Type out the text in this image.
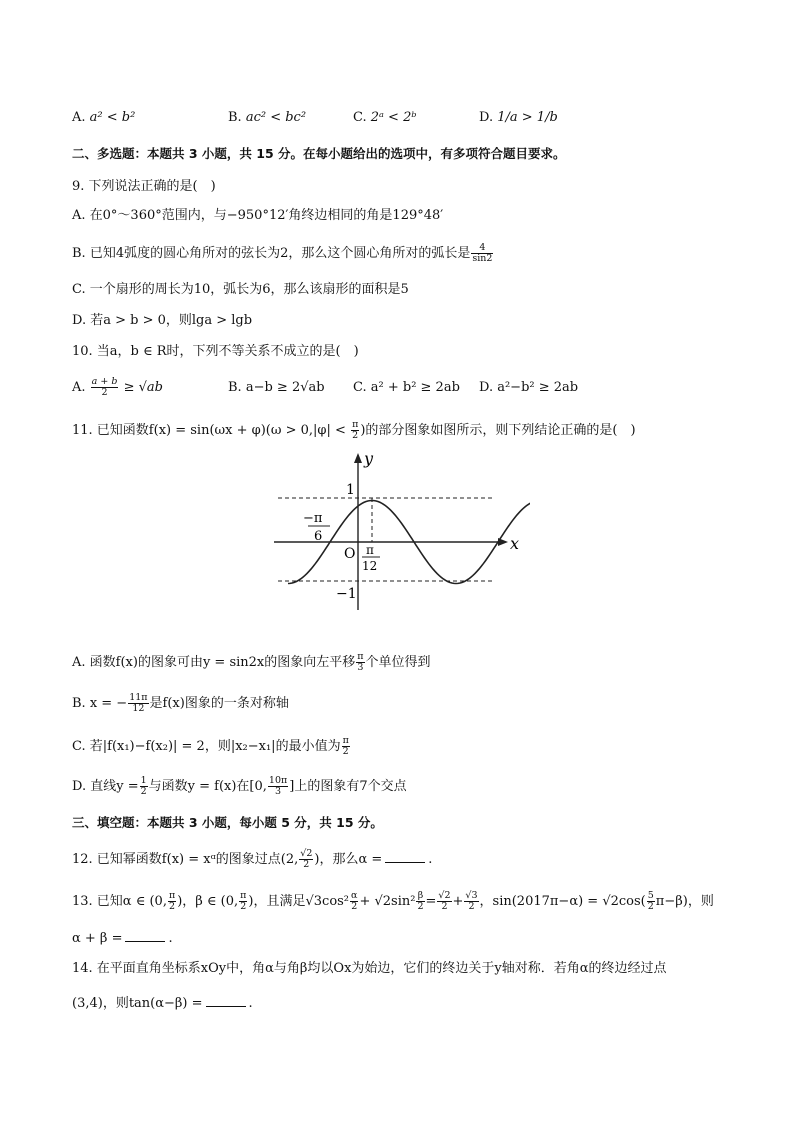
A. a² < b²	B. ac² < bc²	C. 2ᵃ < 2ᵇ	D. 1/a > 1/b
二、多选题：本题共 3 小题，共 15 分。在每小题给出的选项中，有多项符合题目要求。
9. 下列说法正确的是(　)
A. 在0°～360°范围内，与−950°12′角终边相同的角是129°48′
B. 已知4弧度的圆心角所对的弦长为2，那么这个圆心角所对的弧长是 $\frac{4}{\sin 2}$
C. 一个扇形的周长为10，弧长为6，那么该扇形的面积是5
D. 若a > b > 0，则lga > lgb
10. 当a，b ∈ R时，下列不等关系不成立的是(　)
A. $\frac{a + b}{2} \ge √ab$	B. a−b ≥ 2√ab C. a² + b² ≥ 2ab D. a²−b² ≥ 2ab
11. 已知函数$f(x) = \sin(\omega x + \varphi)(\omega > 0,|\varphi| < \frac{\pi}{2}$ )的部分图象如图所示，则下列结论正确的是(　)
y
x
O
1
−1
−π
6
π
12
A. 函数f(x)的图象可由y = sin2x的图象向左平移 $\frac{\pi}{3}$ 个单位得到
B. x = − $\frac{11\pi}{12}$ 是f(x)图象的一条对称轴
C. 若|f(x₁)−f(x₂)| = 2，则|x₂−x₁|的最小值为 $\frac{\pi}{2}$
D. 直线$y = \frac{1}{2}$ 与函数y = f(x)在[0, $\frac{10\pi}{3}$ ]上的图象有7个交点
三、填空题：本题共 3 小题，每小题 5 分，共 15 分。
12. 已知幂函数f(x) = xᵅ的图象过点(2, $\frac{√2}{2}$ )，那么α =	.
13. 已知α ∈ (0, $\frac{\pi}{2}$ )，β ∈ (0, $\frac{\pi}{2}$ )，且满足$√3\cos^2 \frac{\alpha}{2} + √2\sin^2 \frac{\beta}{2} = \frac{√2}{2} + \frac{√3}{2}$ ，$\sin(2017\pi-\alpha) = √2\cos( \frac{5}{2} \pi-\beta)$，则
α + β =	.
14. 在平面直角坐标系xOy中，角α与角β均以Ox为始边，它们的终边关于y轴对称．若角α的终边经过点
(3,4)，则tan(α−β) =	.
